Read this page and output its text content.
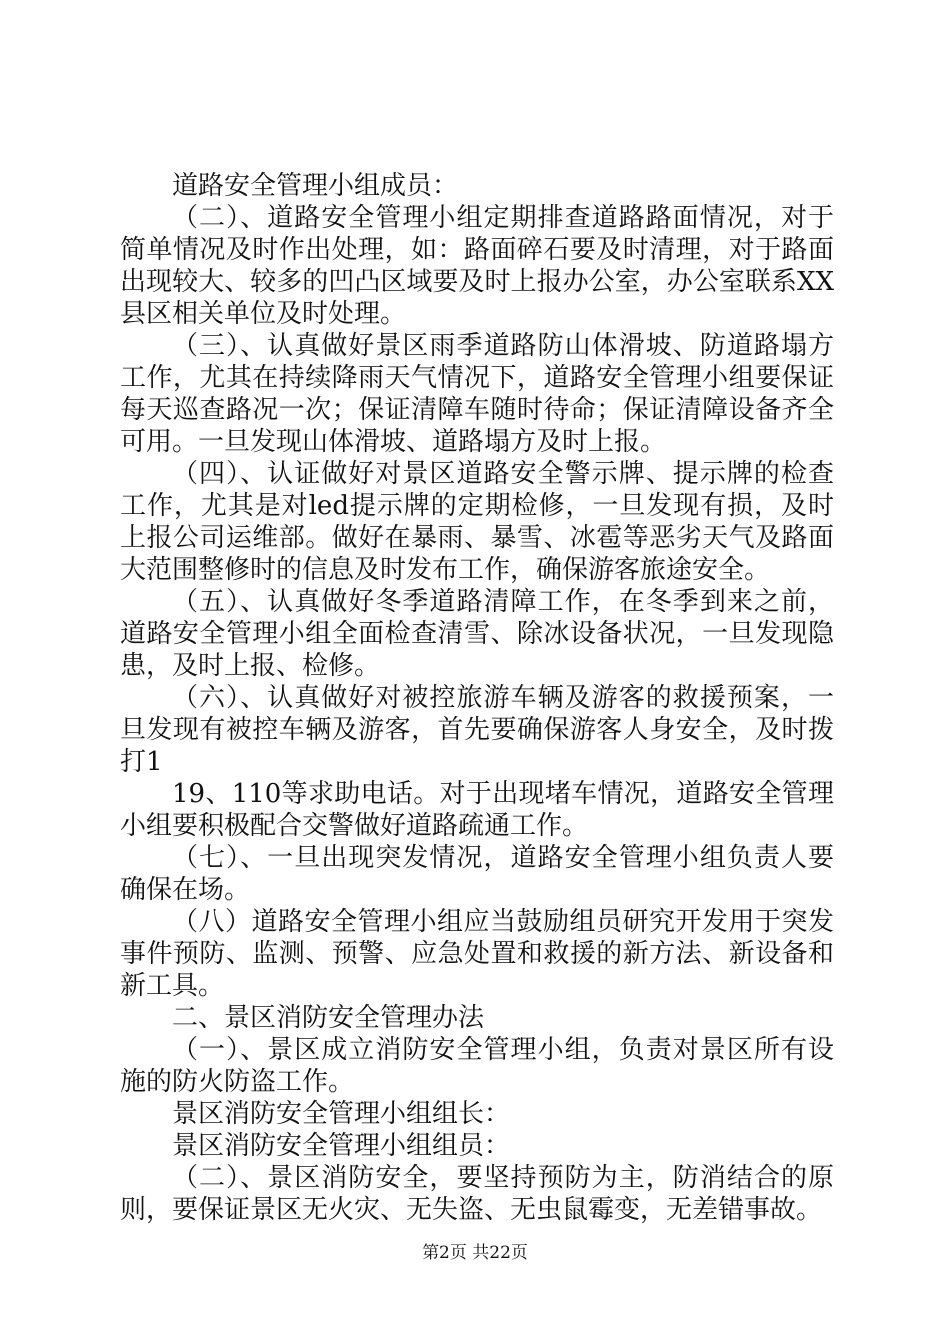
道路安全管理小组成员：

（二）、道路安全管理小组定期排查道路路面情况，对于简单情况及时作出处理，如：路面碎石要及时清理，对于路面出现较大、较多的凹凸区域要及时上报办公室，办公室联系XX县区相关单位及时处理。

（三）、认真做好景区雨季道路防山体滑坡、防道路塌方工作，尤其在持续降雨天气情况下，道路安全管理小组要保证每天巡查路况一次；保证清障车随时待命；保证清障设备齐全可用。一旦发现山体滑坡、道路塌方及时上报。

（四）、认证做好对景区道路安全警示牌、提示牌的检查工作，尤其是对led提示牌的定期检修，一旦发现有损，及时上报公司运维部。做好在暴雨、暴雪、冰雹等恶劣天气及路面大范围整修时的信息及时发布工作，确保游客旅途安全。

（五）、认真做好冬季道路清障工作，在冬季到来之前，道路安全管理小组全面检查清雪、除冰设备状况，一旦发现隐患，及时上报、检修。

（六）、认真做好对被控旅游车辆及游客的救援预案，一旦发现有被控车辆及游客，首先要确保游客人身安全，及时拨打1

19、110等求助电话。对于出现堵车情况，道路安全管理小组要积极配合交警做好道路疏通工作。

（七）、一旦出现突发情况，道路安全管理小组负责人要确保在场。

（八）道路安全管理小组应当鼓励组员研究开发用于突发事件预防、监测、预警、应急处置和救援的新方法、新设备和新工具。

二、景区消防安全管理办法

（一）、景区成立消防安全管理小组，负责对景区所有设施的防火防盗工作。

景区消防安全管理小组组长：

景区消防安全管理小组组员：

（二）、景区消防安全，要坚持预防为主，防消结合的原则，要保证景区无火灾、无失盗、无虫鼠霉变，无差错事故。

第2页 共22页
